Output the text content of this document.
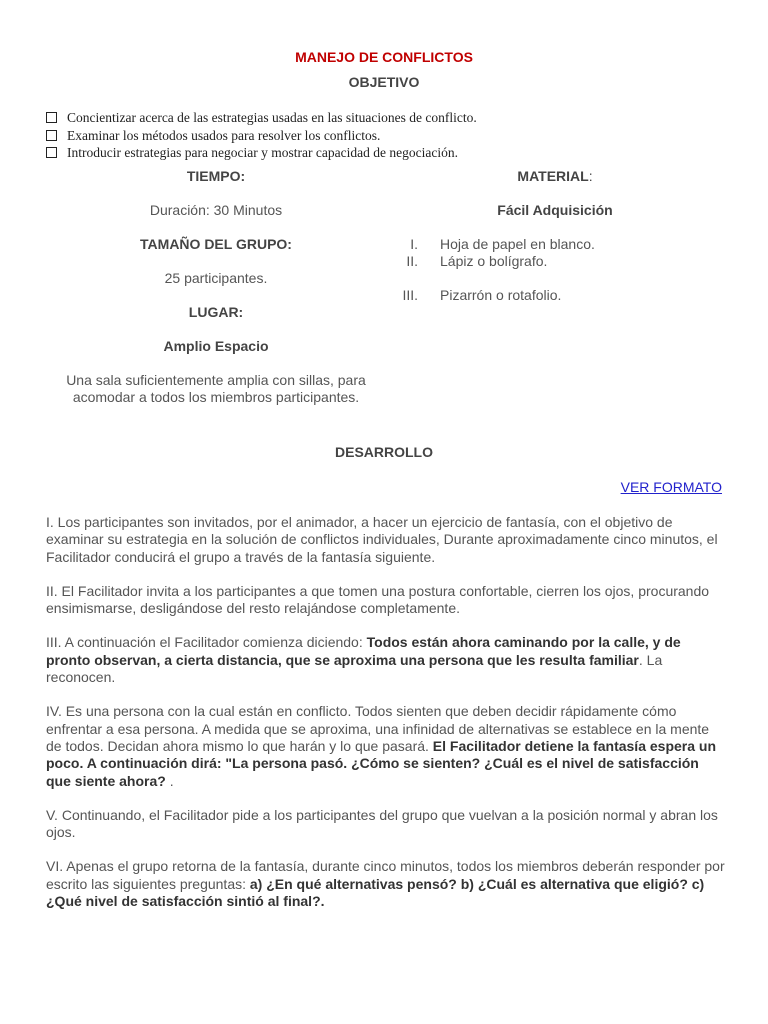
MANEJO DE CONFLICTOS
OBJETIVO
Concientizar acerca de las estrategias usadas en las situaciones de conflicto.
Examinar los métodos usados para resolver los conflictos.
Introducir estrategias para negociar y mostrar capacidad de negociación.

TIEMPO:

Duración: 30 Minutos

TAMAÑO DEL GRUPO:

25 participantes.

LUGAR:

Amplio Espacio

Una sala suficientemente amplia con sillas, para acomodar a todos los miembros participantes.

MATERIAL:
Fácil Adquisición
I. Hoja de papel en blanco.
II. Lápiz o bolígrafo.
III. Pizarrón o rotafolio.
DESARROLLO
VER FORMATO

I. Los participantes son invitados, por el animador, a hacer un ejercicio de fantasía, con el objetivo de examinar su estrategia en la solución de conflictos individuales, Durante aproximadamente cinco minutos, el Facilitador conducirá el grupo a través de la fantasía siguiente.

II. El Facilitador invita a los participantes a que tomen una postura confortable, cierren los ojos, procurando ensimismarse, desligándose del resto relajándose completamente.

III. A continuación el Facilitador comienza diciendo: Todos están ahora caminando por la calle, y de pronto observan, a cierta distancia, que se aproxima una persona que les resulta familiar. La reconocen.

IV. Es una persona con la cual están en conflicto. Todos sienten que deben decidir rápidamente cómo enfrentar a esa persona. A medida que se aproxima, una infinidad de alternativas se establece en la mente de todos. Decidan ahora mismo lo que harán y lo que pasará. El Facilitador detiene la fantasía espera un poco. A continuación dirá: "La persona pasó. ¿Cómo se sienten? ¿Cuál es el nivel de satisfacción que siente ahora? .

V. Continuando, el Facilitador pide a los participantes del grupo que vuelvan a la posición normal y abran los ojos.

VI. Apenas el grupo retorna de la fantasía, durante cinco minutos, todos los miembros deberán responder por escrito las siguientes preguntas: a) ¿En qué alternativas pensó? b) ¿Cuál es alternativa que eligió? c) ¿Qué nivel de satisfacción sintió al final?.
